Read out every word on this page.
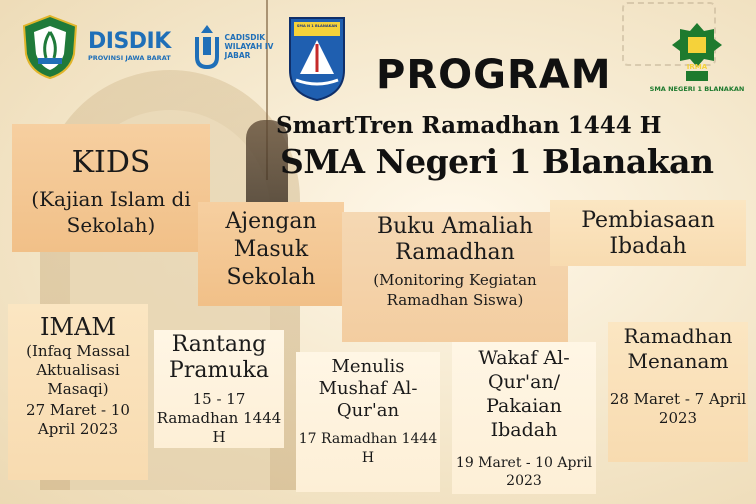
DISDIK
PROVINSI JAWA BARAT
CADISDIK
WILAYAH IV
JABAR
SMA N 1 BLANAKAN
IRMA
SMA NEGERI 1 BLANAKAN
PROGRAM
SmartTren Ramadhan 1444 H
SMA Negeri 1 Blanakan
KIDS
(Kajian Islam di Sekolah)	Ajengan Masuk Sekolah
Buku Amaliah Ramadhan
(Monitoring Kegiatan Ramadhan Siswa)
Pembiasaan Ibadah
IMAM
(Infaq Massal Aktualisasi Masaqi)
27 Maret - 10 April 2023
Rantang Pramuka
15 - 17 Ramadhan 1444 H
Menulis Mushaf Al-Qur'an
17 Ramadhan 1444 H
Wakaf Al-Qur'an/ Pakaian Ibadah
19 Maret - 10 April 2023
Ramadhan Menanam
28 Maret - 7 April 2023
